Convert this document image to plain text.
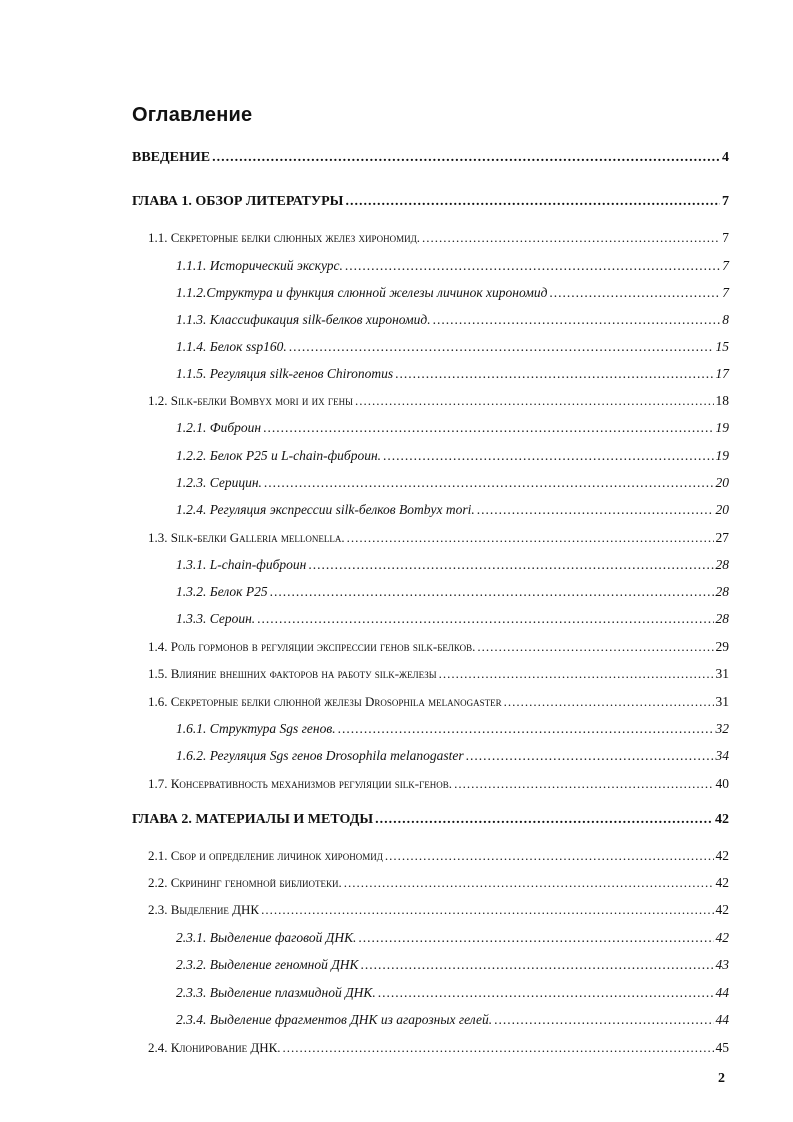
Оглавление
ВВЕДЕНИЕ .....	4
ГЛАВА 1. ОБЗОР ЛИТЕРАТУРЫ .....	7
1.1. Секреторные белки слюнных желез хирономид. .....	7
1.1.1. Исторический экскурс. .....	7
1.1.2.Структура и функция слюнной железы личинок хирономид .....	7
1.1.3. Классификация silk-белков хирономид. .....	8
1.1.4. Белок ssp160. .....	15
1.1.5. Регуляция silk-генов Chironomus .....	17
1.2. Silk-белки Bombyx mori и их гены .....	18
1.2.1. Фиброин .....	19
1.2.2. Белок P25 и L-chain-фиброин. .....	19
1.2.3. Серицин. .....	20
1.2.4. Регуляция экспрессии silk-белков Bombyx mori. .....	20
1.3. Silk-белки Galleria mellonella. .....	27
1.3.1. L-chain-фиброин .....	28
1.3.2. Белок P25 .....	28
1.3.3. Сероин. .....	28
1.4. Роль гормонов в регуляции экспрессии генов silk-белков. .....	29
1.5. Влияние внешних факторов на работу silk-железы .....	31
1.6. Секреторные белки слюнной железы Drosophila melanogaster .....	31
1.6.1. Структура Sgs генов. .....	32
1.6.2. Регуляция Sgs генов Drosophila melanogaster .....	34
1.7. Консервативность механизмов регуляции silk-генов. .....	40
ГЛАВА 2. МАТЕРИАЛЫ И МЕТОДЫ .....	42
2.1. Сбор и определение личинок хирономид .....	42
2.2. Скрининг геномной библиотеки. .....	42
2.3. Выделение ДНК .....	42
2.3.1. Выделение фаговой ДНК. .....	42
2.3.2. Выделение геномной ДНК .....	43
2.3.3. Выделение плазмидной ДНК. .....	44
2.3.4. Выделение фрагментов ДНК из агарозных гелей. .....	44
2.4. Клонирование ДНК. .....	45
2
